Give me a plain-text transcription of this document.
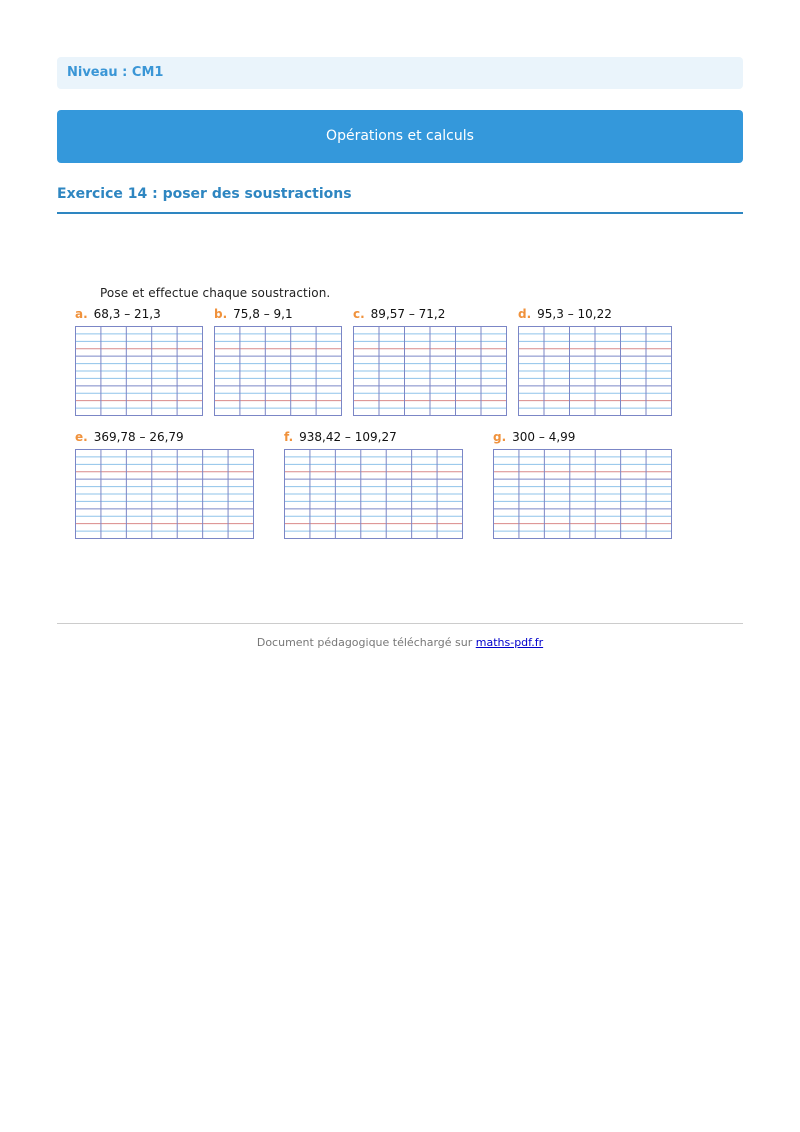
Niveau : CM1
Opérations et calculs
Exercice 14 : poser des soustractions
Pose et effectue chaque soustraction.
a. 68,3 – 21,3	b. 75,8 – 9,1	c. 89,57 – 71,2	d. 95,3 – 10,22
e. 369,78 – 26,79	f. 938,42 – 109,27	g. 300 – 4,99
Document pédagogique téléchargé sur maths-pdf.fr
